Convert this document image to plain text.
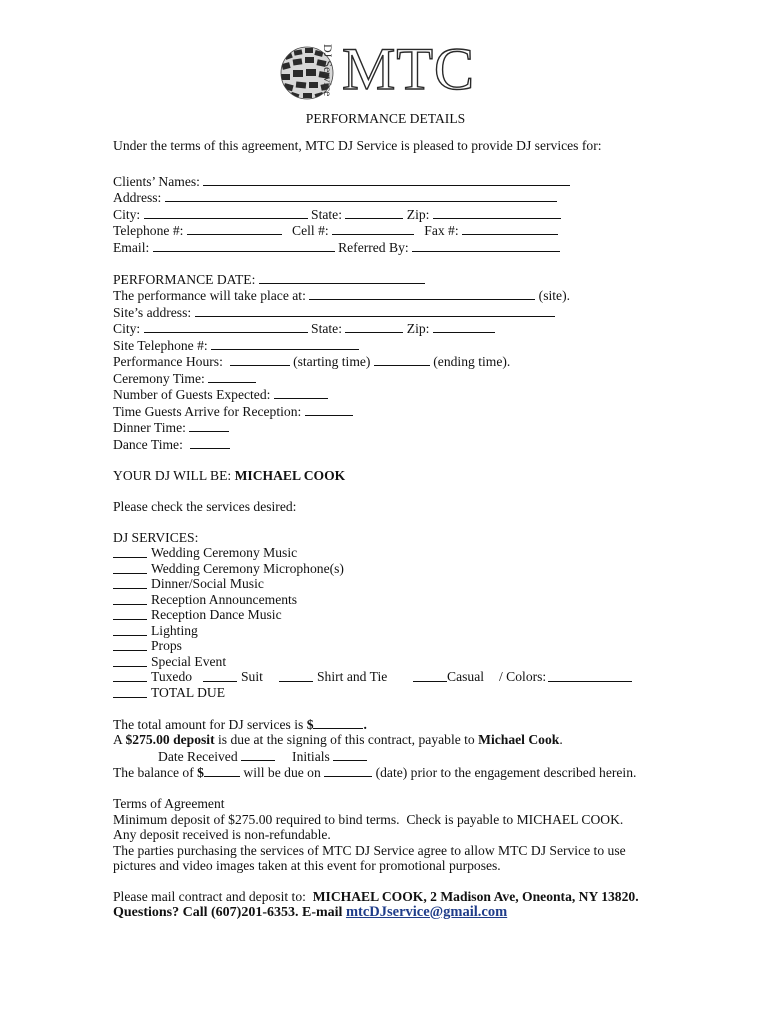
DJ Service MTC
PERFORMANCE DETAILS
Under the terms of this agreement, MTC DJ Service is pleased to provide DJ services for:
Clients’ Names:
Address:
City:	State:	Zip:
Telephone #:	Cell #:	Fax #:
Email:	Referred By:
PERFORMANCE DATE:
The performance will take place at:	(site).
Site’s address:
City:	State:	Zip:
Site Telephone #:
Performance Hours:	(starting time)	(ending time).
Ceremony Time:
Number of Guests Expected:
Time Guests Arrive for Reception:
Dinner Time:
Dance Time:
YOUR DJ WILL BE: MICHAEL COOK
Please check the services desired:
DJ SERVICES:
Wedding Ceremony Music
Wedding Ceremony Microphone(s)
Dinner/Social Music
Reception Announcements
Reception Dance Music
Lighting
Props
Special Event
Tuxedo	Suit	Shirt and Tie	Casual	/ Colors:
TOTAL DUE
The total amount for DJ services is $	.
A $275.00 deposit is due at the signing of this contract, payable to Michael Cook.
Date Received	Initials
The balance of $	will be due on	(date) prior to the engagement described herein.
Terms of Agreement
Minimum deposit of $275.00 required to bind terms.  Check is payable to MICHAEL COOK.
Any deposit received is non-refundable.
The parties purchasing the services of MTC DJ Service agree to allow MTC DJ Service to use
pictures and video images taken at this event for promotional purposes.
Please mail contract and deposit to: MICHAEL COOK, 2 Madison Ave, Oneonta, NY 13820.
Questions? Call (607)201-6353. E-mail mtcDJservice@gmail.com
